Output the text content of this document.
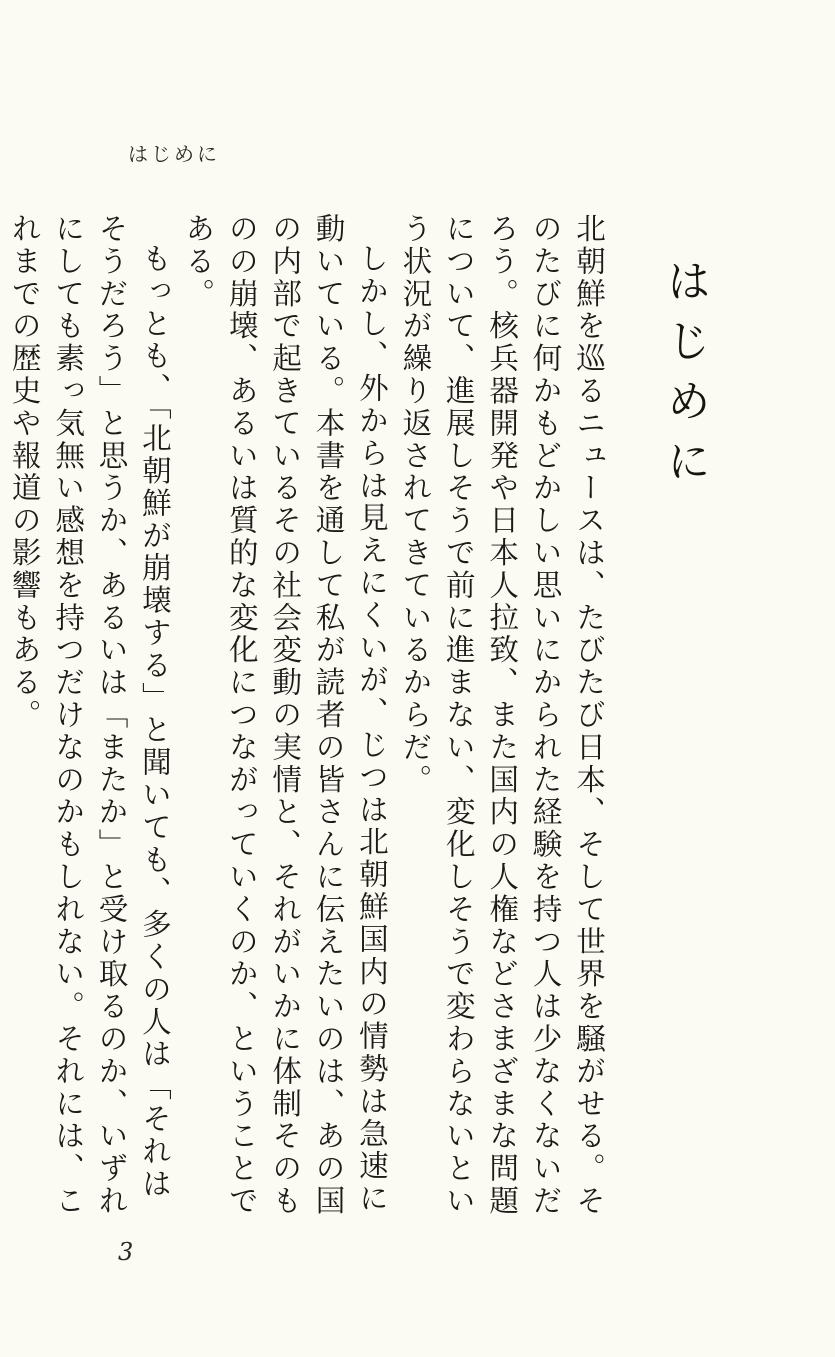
はじめに
はじめに

北朝鮮を巡るニュースは、たびたび日本、そして世界を騒がせる。そのたびに何かもどかしい思いにかられた経験を持つ人は少なくないだろう。核兵器開発や日本人拉致、また国内の人権などさまざまな問題について、進展しそうで前に進まない、変化しそうで変わらないという状況が繰り返されてきているからだ。

しかし、外からは見えにくいが、じつは北朝鮮国内の情勢は急速に動いている。本書を通して私が読者の皆さんに伝えたいのは、あの国の内部で起きているその社会変動の実情と、それがいかに体制そのものの崩壊、あるいは質的な変化につながっていくのか、ということである。

もっとも、「北朝鮮が崩壊する」と聞いても、多くの人は「それはそうだろう」と思うか、あるいは「またか」と受け取るのか、いずれにしても素っ気無い感想を持つだけなのかもしれない。それには、これまでの歴史や報道の影響もある。

3
